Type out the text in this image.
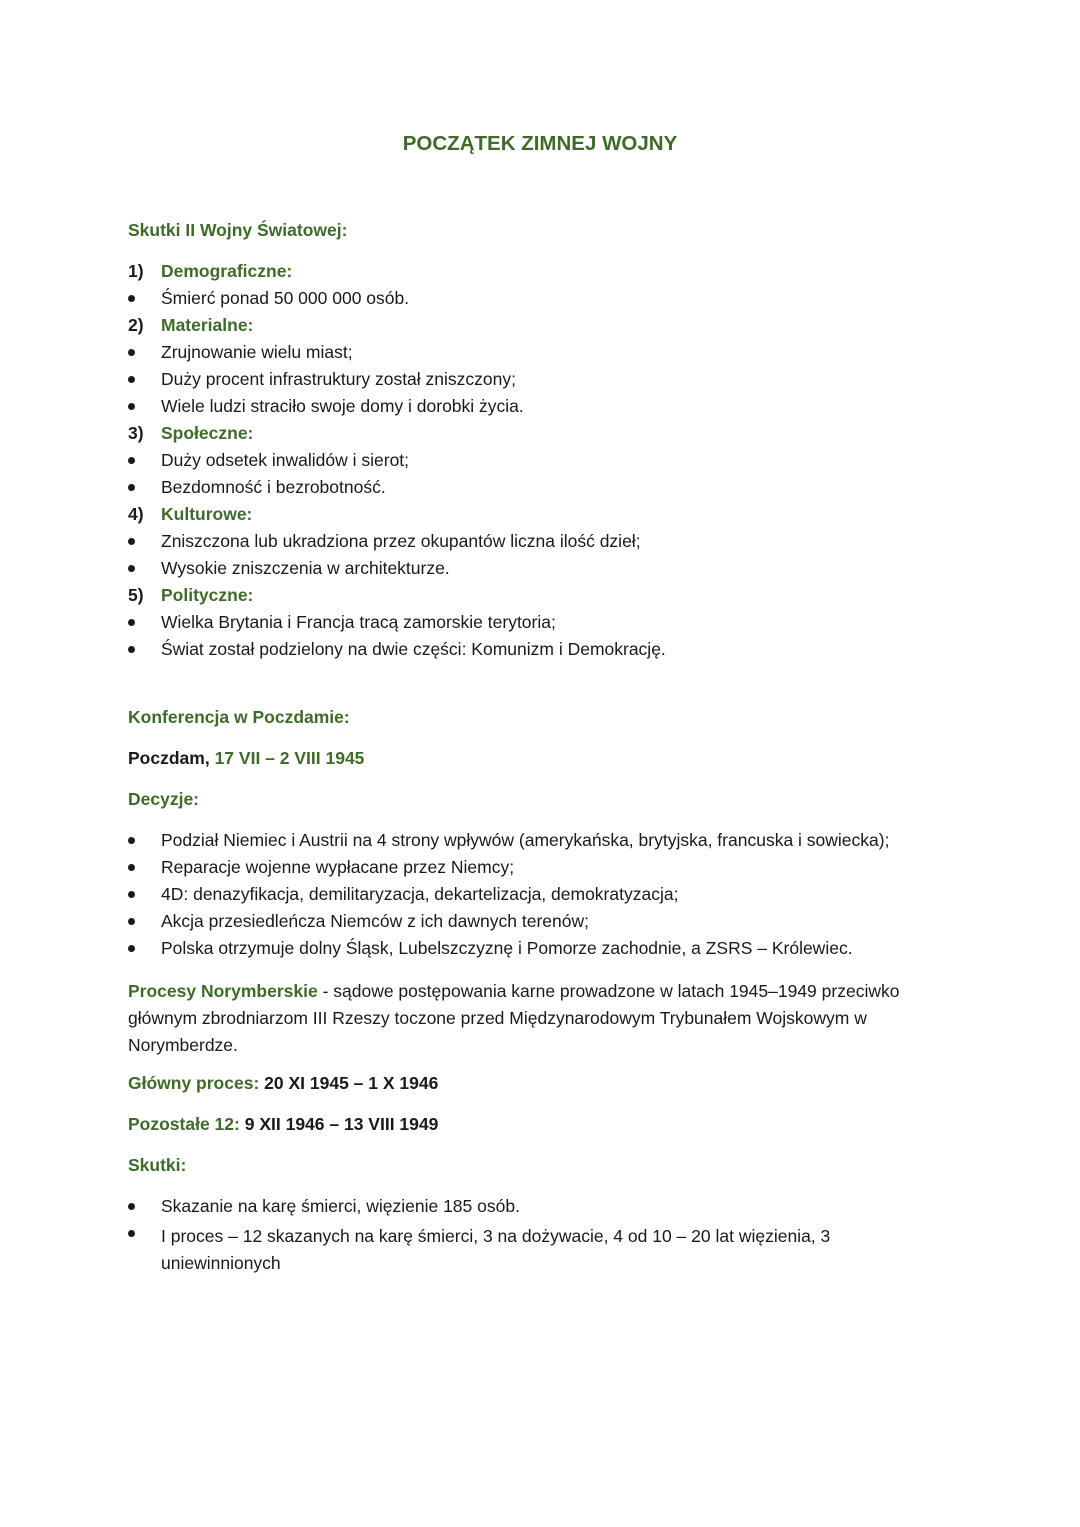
POCZĄTEK ZIMNEJ WOJNY
Skutki II Wojny Światowej:
1) Demograficzne:
Śmierć ponad 50 000 000 osób.
2) Materialne:
Zrujnowanie wielu miast;
Duży procent infrastruktury został zniszczony;
Wiele ludzi straciło swoje domy i dorobki życia.
3) Społeczne:
Duży odsetek inwalidów i sierot;
Bezdomność i bezrobotność.
4) Kulturowe:
Zniszczona lub ukradziona przez okupantów liczna ilość dzieł;
Wysokie zniszczenia w architekturze.
5) Polityczne:
Wielka Brytania i Francja tracą zamorskie terytoria;
Świat został podzielony na dwie części: Komunizm i Demokrację.
Konferencja w Poczdamie:
Poczdam, 17 VII – 2 VIII 1945
Decyzje:
Podział Niemiec i Austrii na 4 strony wpływów (amerykańska, brytyjska, francuska i sowiecka);
Reparacje wojenne wypłacane przez Niemcy;
4D: denazyfikacja, demilitaryzacja, dekartelizacja, demokratyzacja;
Akcja przesiedleńcza Niemców z ich dawnych terenów;
Polska otrzymuje dolny Śląsk, Lubelszczyznę i Pomorze zachodnie, a ZSRS – Królewiec.
Procesy Norymberskie - sądowe postępowania karne prowadzone w latach 1945–1949 przeciwko głównym zbrodniarzom III Rzeszy toczone przed Międzynarodowym Trybunałem Wojskowym w Norymberdze.
Główny proces: 20 XI 1945 – 1 X 1946
Pozostałe 12: 9 XII 1946 – 13 VIII 1949
Skutki:
Skazanie na karę śmierci, więzienie 185 osób.
I proces – 12 skazanych na karę śmierci, 3 na dożywacie, 4 od 10 – 20 lat więzienia, 3 uniewinnionych
